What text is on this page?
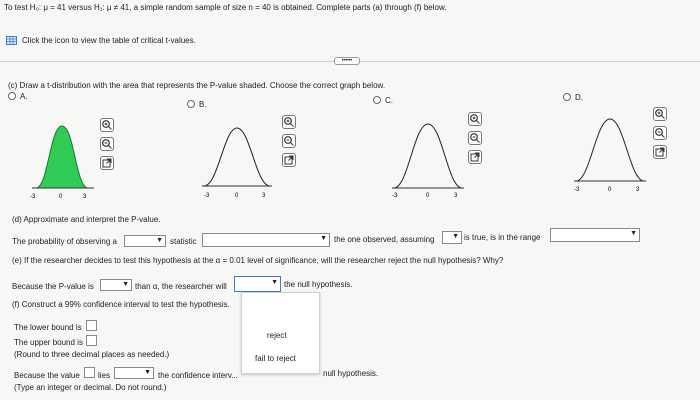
To test H₀: μ = 41 versus H₁: μ ≠ 41, a simple random sample of size n = 40 is obtained. Complete parts (a) through (f) below.
Click the icon to view the table of critical t-values.
•••••
(c) Draw a t-distribution with the area that represents the P-value shaded. Choose the correct graph below.
A.
B.	C.	D.
-3	0	3	-3	0	3	-3	0	3
-3	0	3
(d) Approximate and interpret the P-value.
The probability of observing a	▼ statistic	▼ the one observed, assuming	▼ is true, is in the range	▼
(e) If the researcher decides to test this hypothesis at the α = 0.01 level of significance, will the researcher reject the null hypothesis? Why?
Because the P-value is	▼ than α, the researcher will	▼ the null hypothesis.
reject
fail to reject
(f) Construct a 99% confidence interval to test the hypothesis.
The lower bound is
The upper bound is
(Round to three decimal places as needed.)
Because the value lies	▼ the confidence interv...	null hypothesis.
(Type an integer or decimal. Do not round.)
